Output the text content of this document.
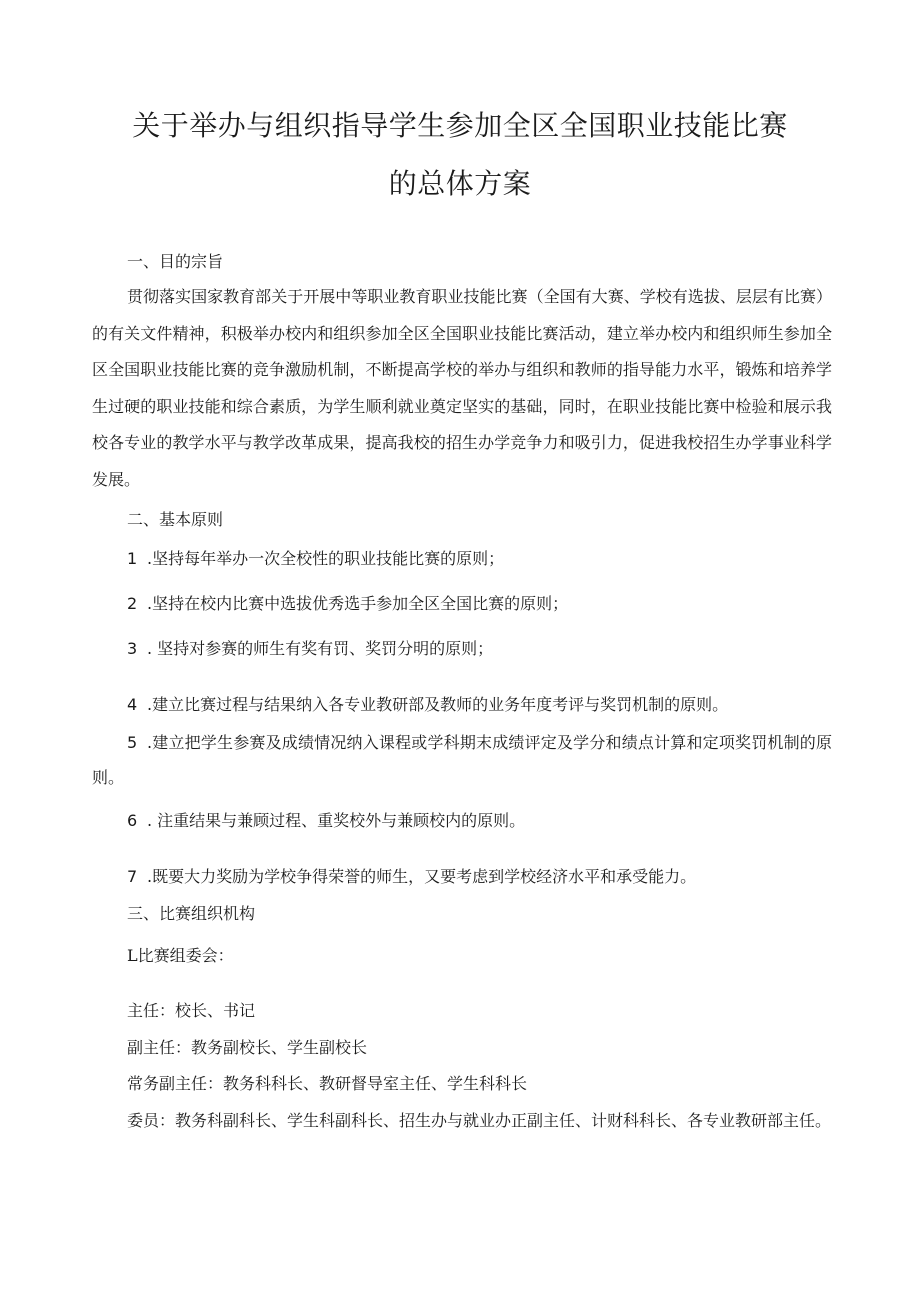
关于举办与组织指导学生参加全区全国职业技能比赛
的总体方案
一、目的宗旨
贯彻落实国家教育部关于开展中等职业教育职业技能比赛（全国有大赛、学校有选拔、层层有比赛）的有关文件精神，积极举办校内和组织参加全区全国职业技能比赛活动，建立举办校内和组织师生参加全区全国职业技能比赛的竞争激励机制，不断提高学校的举办与组织和教师的指导能力水平，锻炼和培养学生过硬的职业技能和综合素质，为学生顺利就业奠定坚实的基础，同时，在职业技能比赛中检验和展示我校各专业的教学水平与教学改革成果，提高我校的招生办学竞争力和吸引力，促进我校招生办学事业科学发展。
二、基本原则
1 .坚持每年举办一次全校性的职业技能比赛的原则；
2 .坚持在校内比赛中选拔优秀选手参加全区全国比赛的原则；
3 . 坚持对参赛的师生有奖有罚、奖罚分明的原则；
4 .建立比赛过程与结果纳入各专业教研部及教师的业务年度考评与奖罚机制的原则。
5 .建立把学生参赛及成绩情况纳入课程或学科期末成绩评定及学分和绩点计算和定项奖罚机制的原则。
6 . 注重结果与兼顾过程、重奖校外与兼顾校内的原则。
7 .既要大力奖励为学校争得荣誉的师生，又要考虑到学校经济水平和承受能力。
三、比赛组织机构
L比赛组委会：
主任：校长、书记
副主任：教务副校长、学生副校长
常务副主任：教务科科长、教研督导室主任、学生科科长
委员：教务科副科长、学生科副科长、招生办与就业办正副主任、计财科科长、各专业教研部主任。
